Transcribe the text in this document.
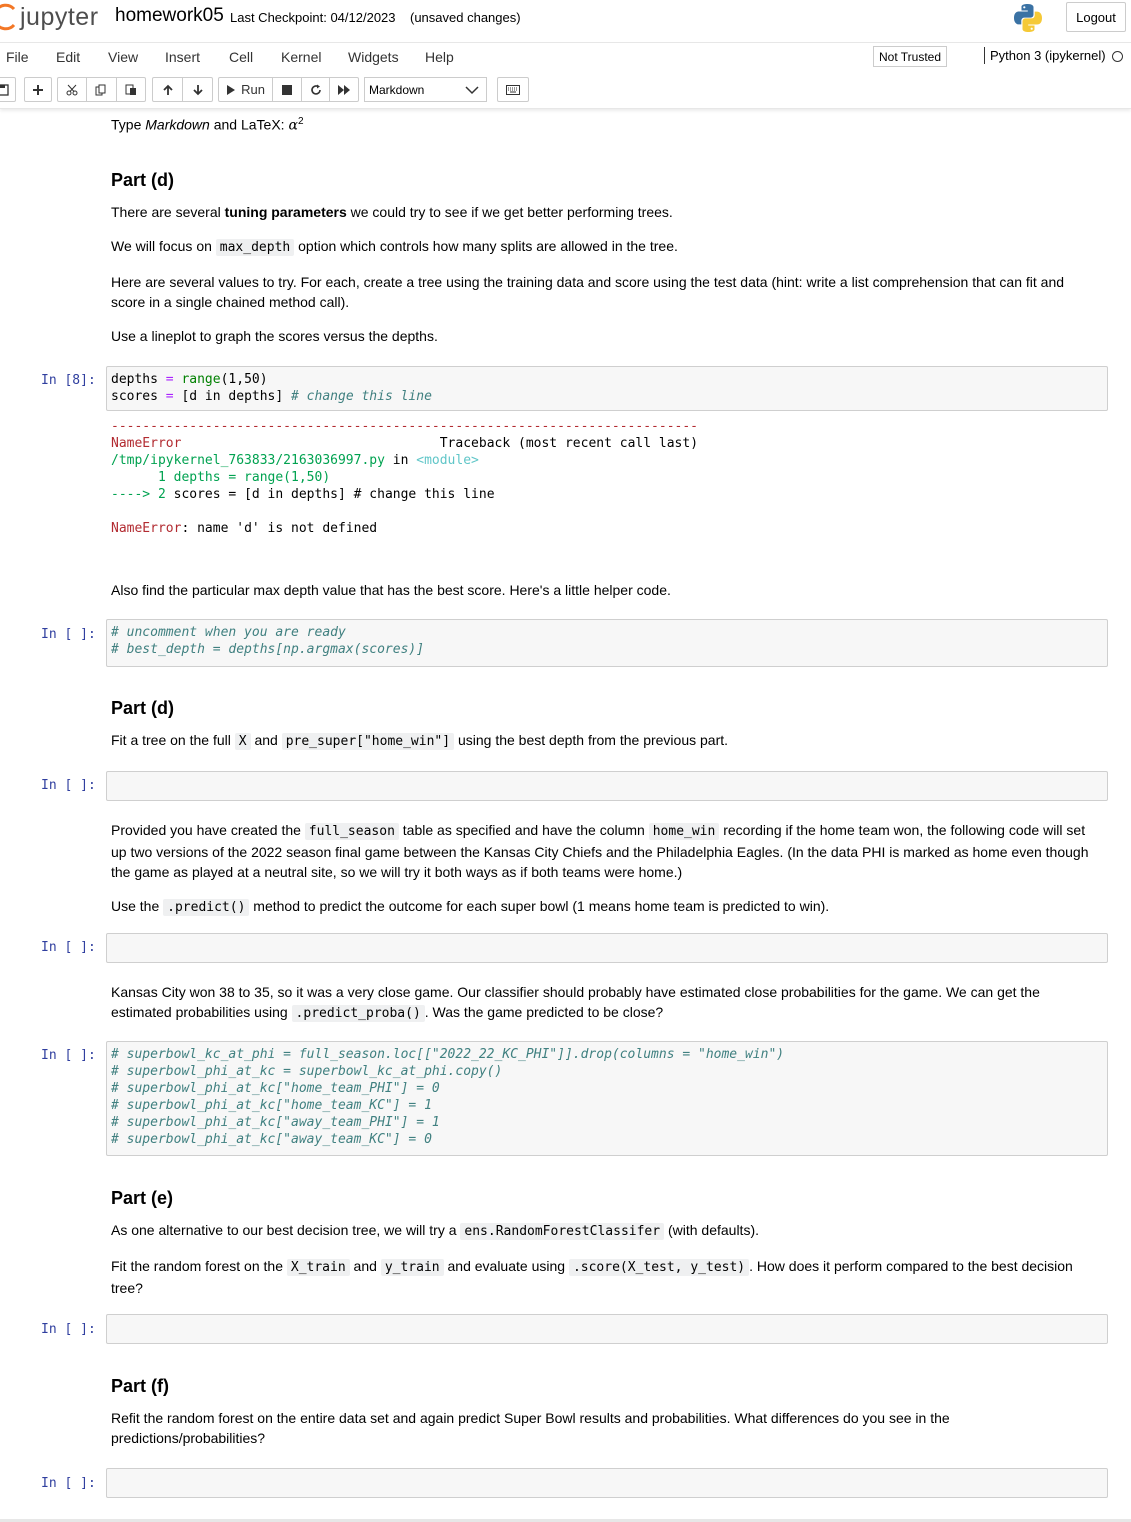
jupyter homework05 Last Checkpoint: 04/12/2023 (unsaved changes)	Logout
File Edit View Insert Cell Kernel Widgets Help	Not Trusted	Python 3 (ipykernel)
Run	Markdown

Type Markdown and LaTeX: $\alpha^2$

Part (d)

There are several tuning parameters we could try to see if we get better performing trees.

We will focus on max_depth option which controls how many splits are allowed in the tree.

Here are several values to try. For each, create a tree using the training data and score using the test data (hint: write a list comprehension that can fit and score in a single chained method call).

Use a lineplot to graph the scores versus the depths.

In [8]:	depths = range(1,50)
scores = [d in depths] # change this line
---------------------------------------------------------------------------
NameError	Traceback (most recent call last)
/tmp/ipykernel_763833/2163036997.py in <module>
1 depths = range(1,50)
----> 2 scores = [d in depths] # change this line

NameError: name 'd' is not defined

Also find the particular max depth value that has the best score. Here's a little helper code.

In [ ]:	# uncomment when you are ready
# best_depth = depths[np.argmax(scores)]
Part (d)

Fit a tree on the full X and pre_super["home_win"] using the best depth from the previous part.

In [ ]:

Provided you have created the full_season table as specified and have the column home_win recording if the home team won, the following code will set up two versions of the 2022 season final game between the Kansas City Chiefs and the Philadelphia Eagles. (In the data PHI is marked as home even though the game as played at a neutral site, so we will try it both ways as if both teams were home.)

Use the .predict() method to predict the outcome for each super bowl (1 means home team is predicted to win).

In [ ]:

Kansas City won 38 to 35, so it was a very close game. Our classifier should probably have estimated close probabilities for the game. We can get the estimated probabilities using .predict_proba() . Was the game predicted to be close?

In [ ]:	# superbowl_kc_at_phi = full_season.loc[["2022_22_KC_PHI"]].drop(columns = "home_win")
# superbowl_phi_at_kc = superbowl_kc_at_phi.copy()
# superbowl_phi_at_kc["home_team_PHI"] = 0
# superbowl_phi_at_kc["home_team_KC"] = 1
# superbowl_phi_at_kc["away_team_PHI"] = 1
# superbowl_phi_at_kc["away_team_KC"] = 0
Part (e)

As one alternative to our best decision tree, we will try a ens.RandomForestClassifer (with defaults).

Fit the random forest on the X_train and y_train and evaluate using .score(X_test, y_test) . How does it perform compared to the best decision tree?

In [ ]:
Part (f)

Refit the random forest on the entire data set and again predict Super Bowl results and probabilities. What differences do you see in the predictions/probabilities?

In [ ]:
